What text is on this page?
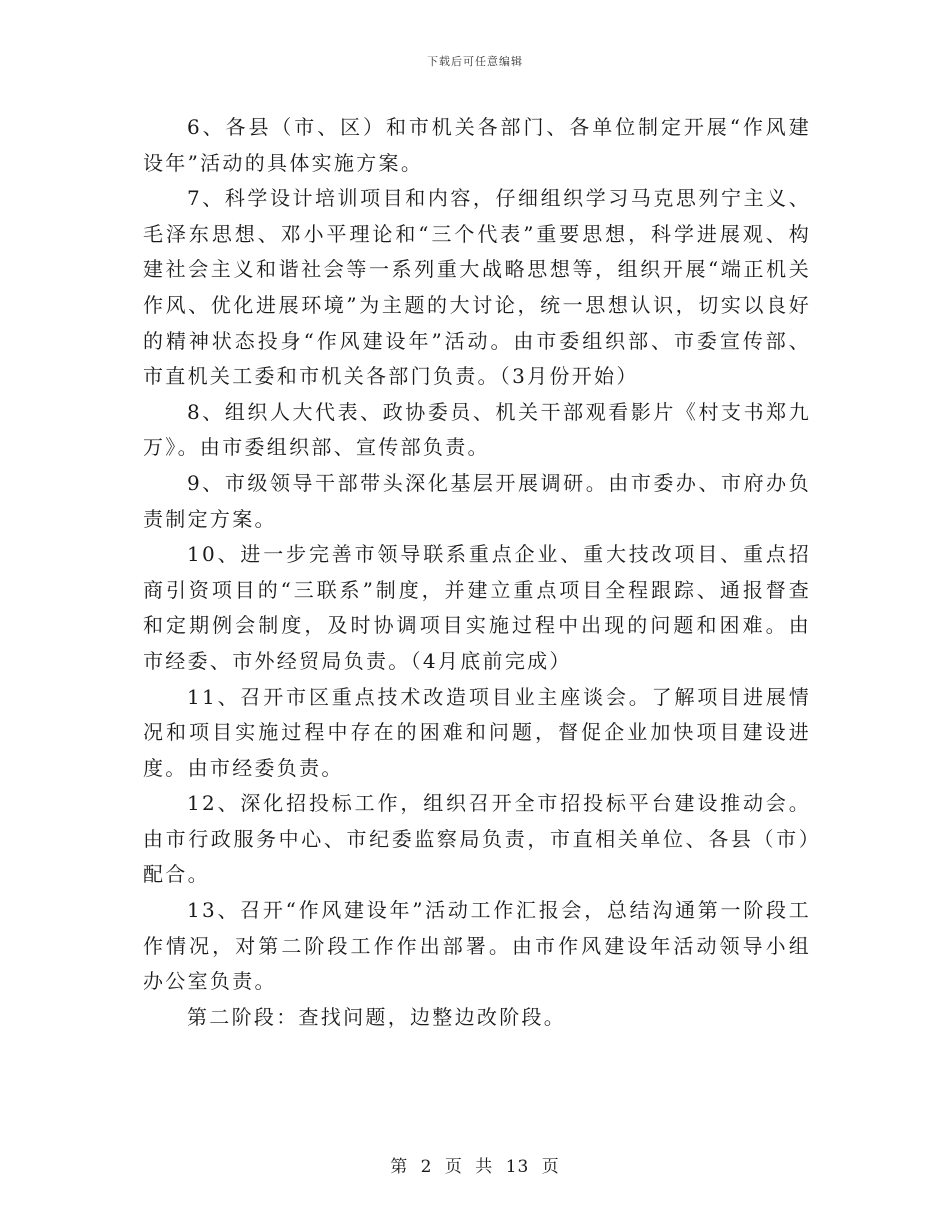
下载后可任意编辑

6、各县（市、区）和市机关各部门、各单位制定开展“作风建设年”活动的具体实施方案。

7、科学设计培训项目和内容，仔细组织学习马克思列宁主义、毛泽东思想、邓小平理论和“三个代表”重要思想，科学进展观、构建社会主义和谐社会等一系列重大战略思想等，组织开展“端正机关作风、优化进展环境”为主题的大讨论，统一思想认识，切实以良好的精神状态投身“作风建设年”活动。由市委组织部、市委宣传部、市直机关工委和市机关各部门负责。（3月份开始）

8、组织人大代表、政协委员、机关干部观看影片《村支书郑九万》。由市委组织部、宣传部负责。

9、市级领导干部带头深化基层开展调研。由市委办、市府办负责制定方案。

10、进一步完善市领导联系重点企业、重大技改项目、重点招商引资项目的“三联系”制度，并建立重点项目全程跟踪、通报督查和定期例会制度，及时协调项目实施过程中出现的问题和困难。由市经委、市外经贸局负责。（4月底前完成）

11、召开市区重点技术改造项目业主座谈会。了解项目进展情况和项目实施过程中存在的困难和问题，督促企业加快项目建设进度。由市经委负责。

12、深化招投标工作，组织召开全市招投标平台建设推动会。由市行政服务中心、市纪委监察局负责，市直相关单位、各县（市）配合。

13、召开“作风建设年”活动工作汇报会，总结沟通第一阶段工作情况，对第二阶段工作作出部署。由市作风建设年活动领导小组办公室负责。

第二阶段：查找问题，边整边改阶段。

第 2 页 共 13 页
